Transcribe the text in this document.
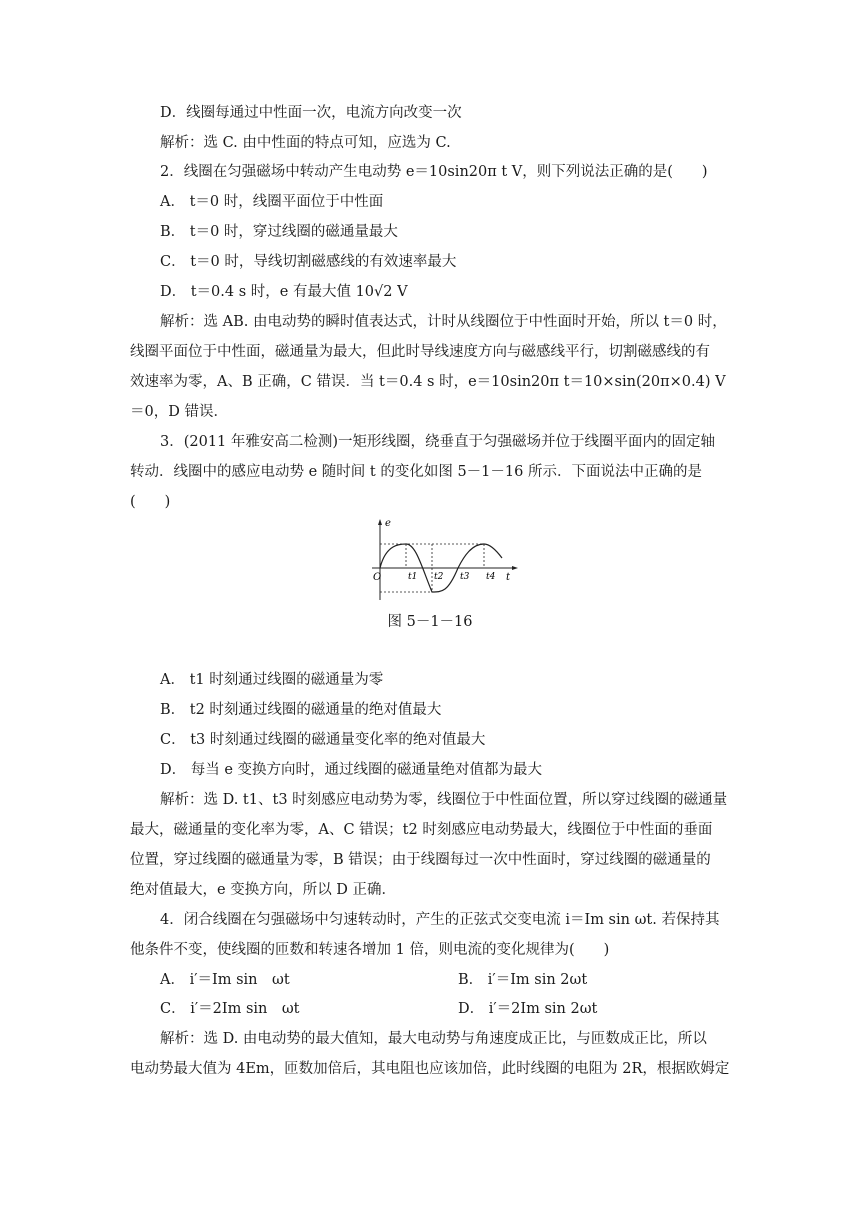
D．线圈每通过中性面一次，电流方向改变一次
解析：选 C. 由中性面的特点可知，应选为 C.
2．线圈在匀强磁场中转动产生电动势 e＝10sin20π t V，则下列说法正确的是(　　)
A． t＝0 时，线圈平面位于中性面
B． t＝0 时，穿过线圈的磁通量最大
C． t＝0 时，导线切割磁感线的有效速率最大
D． t＝0.4 s 时，e 有最大值 10√2 V
解析：选 AB. 由电动势的瞬时值表达式，计时从线圈位于中性面时开始，所以 t＝0 时，
线圈平面位于中性面，磁通量为最大，但此时导线速度方向与磁感线平行，切割磁感线的有
效速率为零，A、B 正确，C 错误．当 t＝0.4 s 时，e＝10sin20π t＝10×sin(20π×0.4) V
＝0，D 错误．
3．(2011 年雅安高二检测)一矩形线圈，绕垂直于匀强磁场并位于线圈平面内的固定轴
转动．线圈中的感应电动势 e 随时间 t 的变化如图 5－1－16 所示．下面说法中正确的是
(　　)
e
t
O	t1 t2 t3 t4
图 5－1－16
A． t1 时刻通过线圈的磁通量为零
B． t2 时刻通过线圈的磁通量的绝对值最大
C． t3 时刻通过线圈的磁通量变化率的绝对值最大
D． 每当 e 变换方向时，通过线圈的磁通量绝对值都为最大
解析：选 D. t1、t3 时刻感应电动势为零，线圈位于中性面位置，所以穿过线圈的磁通量
最大，磁通量的变化率为零，A、C 错误；t2 时刻感应电动势最大，线圈位于中性面的垂面
位置，穿过线圈的磁通量为零，B 错误；由于线圈每过一次中性面时，穿过线圈的磁通量的
绝对值最大，e 变换方向，所以 D 正确．
4．闭合线圈在匀强磁场中匀速转动时，产生的正弦式交变电流 i＝Im sin ωt. 若保持其
他条件不变，使线圈的匝数和转速各增加 1 倍，则电流的变化规律为(　　)
A． i′＝Im sin　ωt	B． i′＝Im sin 2ωt
C． i′＝2Im sin　ωt	D． i′＝2Im sin 2ωt
解析：选 D. 由电动势的最大值知，最大电动势与角速度成正比，与匝数成正比，所以
电动势最大值为 4Em，匝数加倍后，其电阻也应该加倍，此时线圈的电阻为 2R，根据欧姆定
